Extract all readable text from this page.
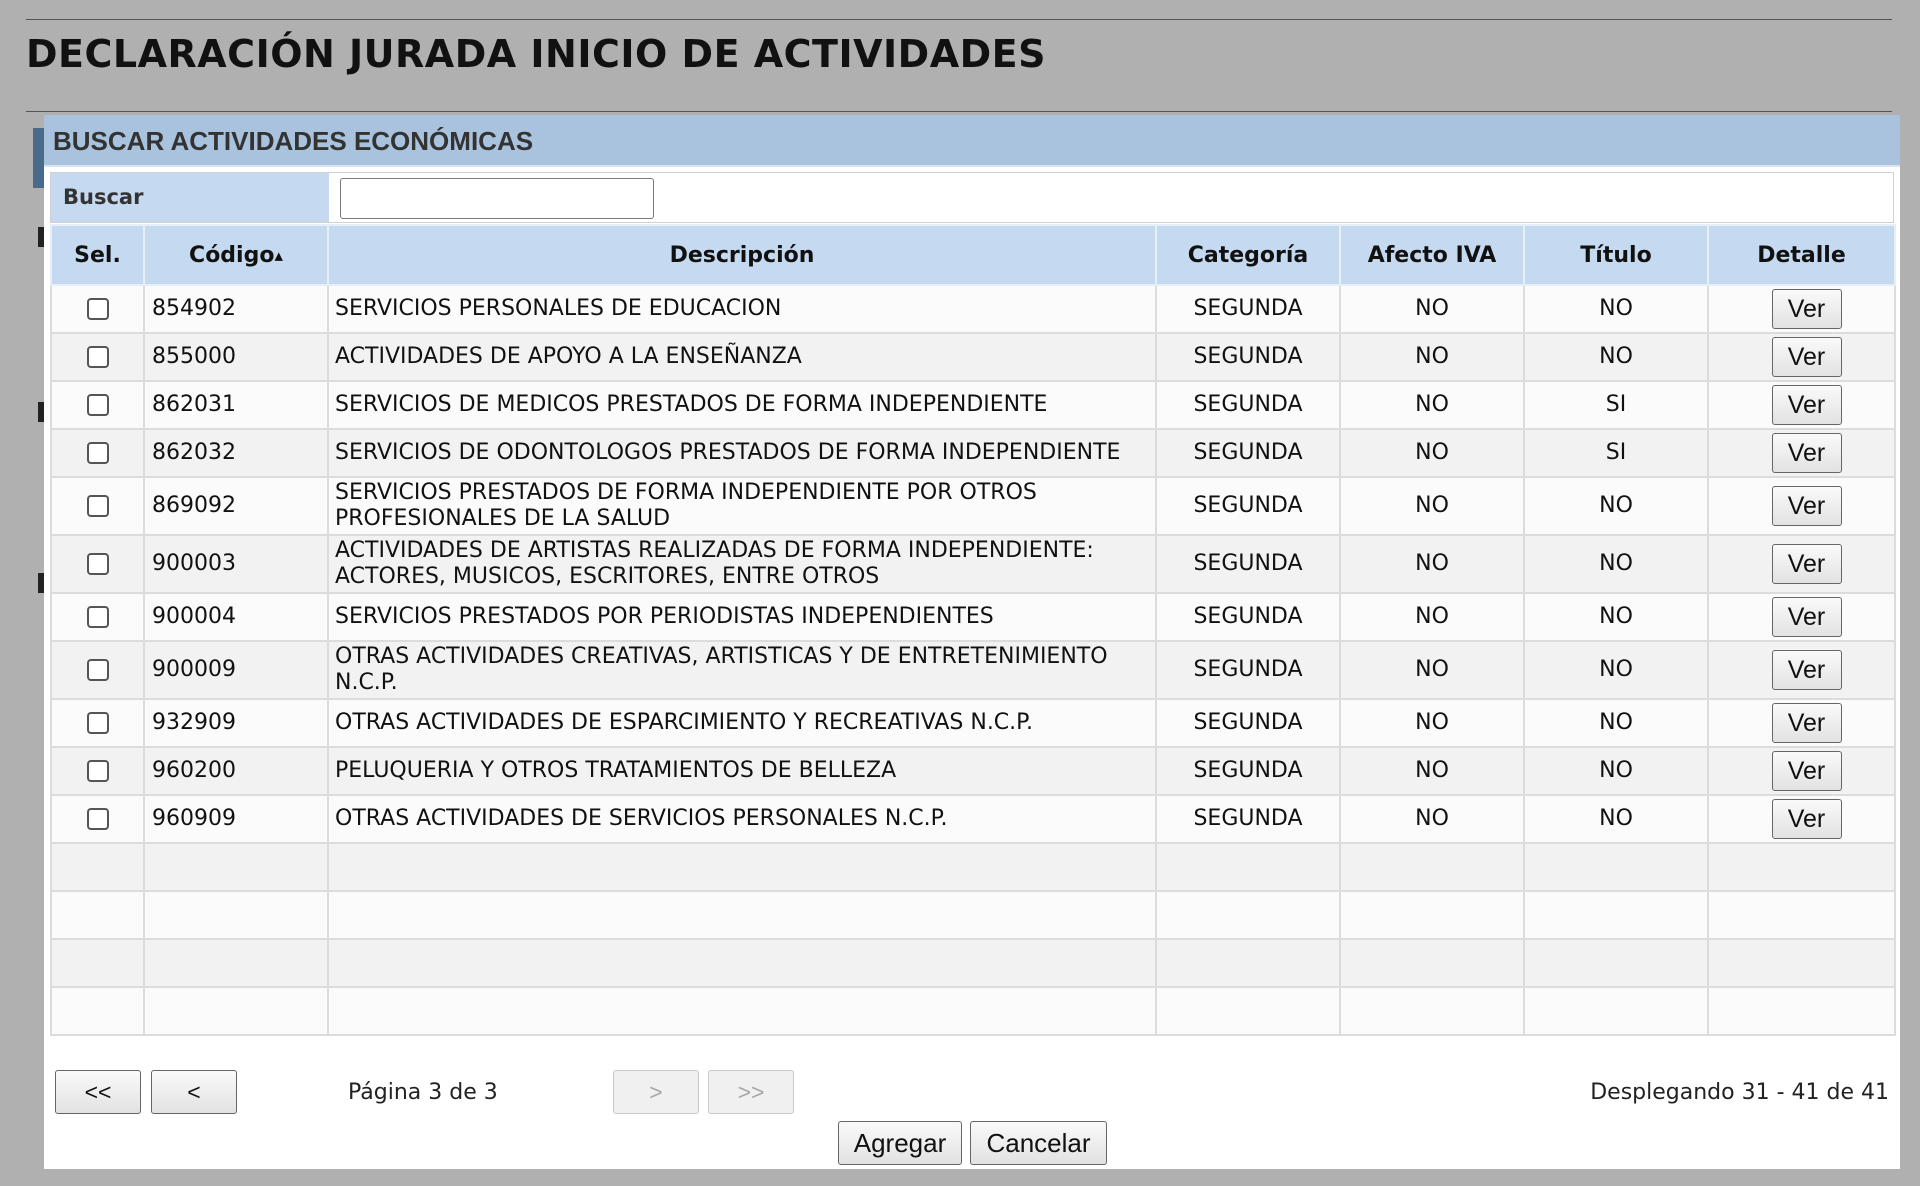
DECLARACIÓN JURADA INICIO DE ACTIVIDADES
BUSCAR ACTIVIDADES ECONÓMICAS
Buscar
Sel.	Código▲	Descripción	Categoría	Afecto IVA	Título	Detalle
	854902	SERVICIOS PERSONALES DE EDUCACION	SEGUNDA	NO	NO	Ver
	855000	ACTIVIDADES DE APOYO A LA ENSEÑANZA	SEGUNDA	NO	NO	Ver
	862031	SERVICIOS DE MEDICOS PRESTADOS DE FORMA INDEPENDIENTE	SEGUNDA	NO	SI	Ver
	862032	SERVICIOS DE ODONTOLOGOS PRESTADOS DE FORMA INDEPENDIENTE	SEGUNDA	NO	SI	Ver
	869092	SERVICIOS PRESTADOS DE FORMA INDEPENDIENTE POR OTROS PROFESIONALES DE LA SALUD	SEGUNDA	NO	NO	Ver
	900003	ACTIVIDADES DE ARTISTAS REALIZADAS DE FORMA INDEPENDIENTE: ACTORES, MUSICOS, ESCRITORES, ENTRE OTROS	SEGUNDA	NO	NO	Ver
	900004	SERVICIOS PRESTADOS POR PERIODISTAS INDEPENDIENTES	SEGUNDA	NO	NO	Ver
	900009	OTRAS ACTIVIDADES CREATIVAS, ARTISTICAS Y DE ENTRETENIMIENTO N.C.P.	SEGUNDA	NO	NO	Ver
	932909	OTRAS ACTIVIDADES DE ESPARCIMIENTO Y RECREATIVAS N.C.P.	SEGUNDA	NO	NO	Ver
	960200	PELUQUERIA Y OTROS TRATAMIENTOS DE BELLEZA	SEGUNDA	NO	NO	Ver
	960909	OTRAS ACTIVIDADES DE SERVICIOS PERSONALES N.C.P.	SEGUNDA	NO	NO	Ver

<<	<	Página 3 de 3	>	>>	Desplegando 31 - 41 de 41
Agregar	Cancelar
